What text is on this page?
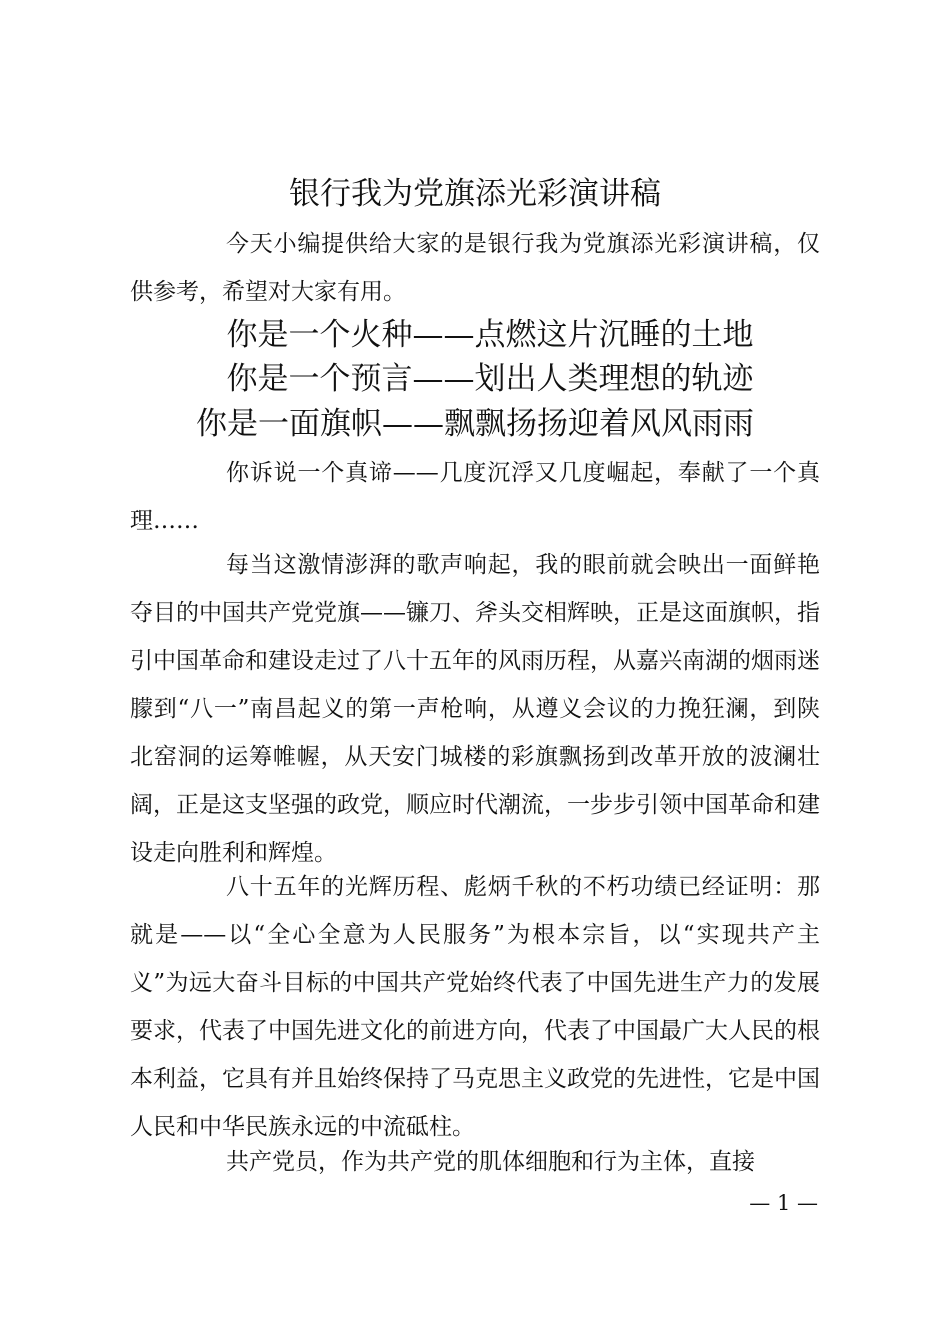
银行我为党旗添光彩演讲稿

今天小编提供给大家的是银行我为党旗添光彩演讲稿，仅供参考，希望对大家有用。

你是一个火种——点燃这片沉睡的土地
你是一个预言——划出人类理想的轨迹
你是一面旗帜——飘飘扬扬迎着风风雨雨

你诉说一个真谛——几度沉浮又几度崛起，奉献了一个真理……

每当这激情澎湃的歌声响起，我的眼前就会映出一面鲜艳夺目的中国共产党党旗——镰刀、斧头交相辉映，正是这面旗帜，指引中国革命和建设走过了八十五年的风雨历程，从嘉兴南湖的烟雨迷朦到“八一”南昌起义的第一声枪响，从遵义会议的力挽狂澜，到陕北窑洞的运筹帷幄，从天安门城楼的彩旗飘扬到改革开放的波澜壮阔，正是这支坚强的政党，顺应时代潮流，一步步引领中国革命和建设走向胜利和辉煌。

八十五年的光辉历程、彪炳千秋的不朽功绩已经证明：那就是——以“全心全意为人民服务”为根本宗旨，以“实现共产主义”为远大奋斗目标的中国共产党始终代表了中国先进生产力的发展要求，代表了中国先进文化的前进方向，代表了中国最广大人民的根本利益，它具有并且始终保持了马克思主义政党的先进性，它是中国人民和中华民族永远的中流砥柱。

共产党员，作为共产党的肌体细胞和行为主体，直接

— 1 —
